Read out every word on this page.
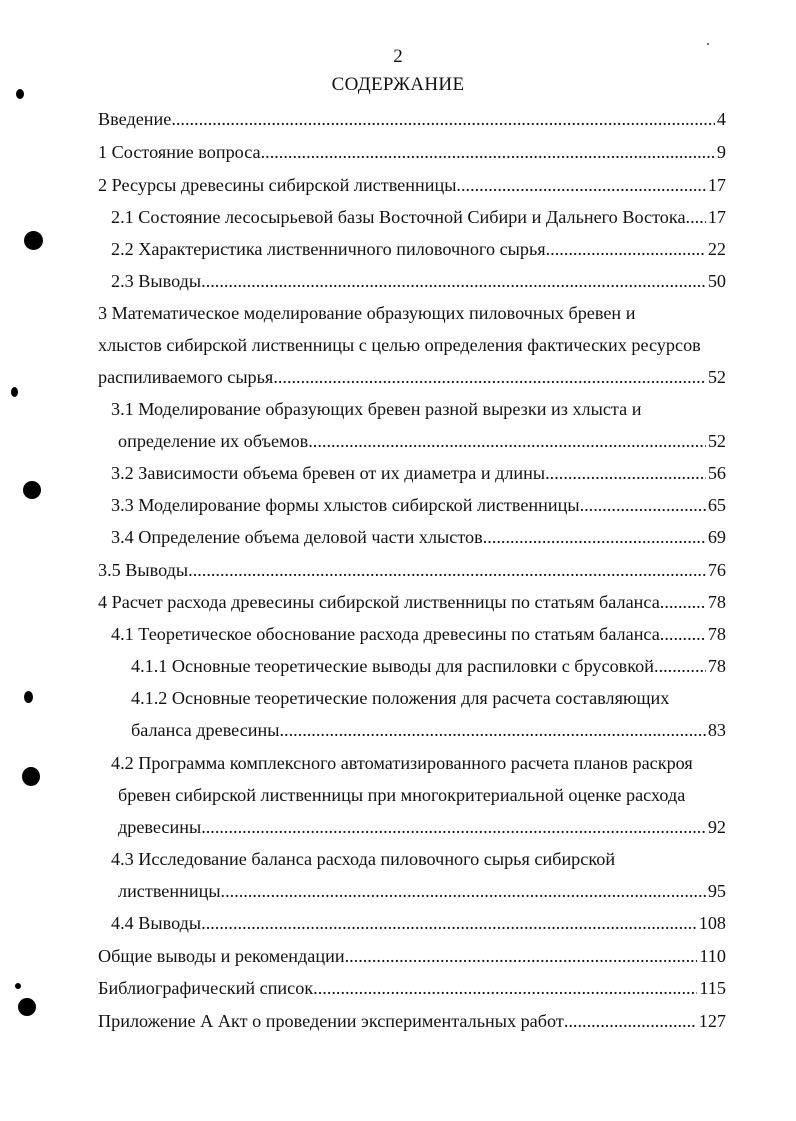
2
СОДЕРЖАНИЕ
Введение .....	4
1 Состояние вопроса .....	9
2 Ресурсы древесины сибирской лиственницы .....	17
2.1 Состояние лесосырьевой базы Восточной Сибири и Дальнего Востока ..... 17
2.2 Характеристика лиственничного пиловочного сырья .....	22
2.3 Выводы .....	50
3 Математическое моделирование образующих пиловочных бревен и
хлыстов сибирской лиственницы с целью определения фактических ресурсов
распиливаемого сырья .....	52
3.1 Моделирование образующих бревен разной вырезки из хлыста и
определение их объемов .....	52
3.2 Зависимости объема бревен от их диаметра и длины .....	56
3.3 Моделирование формы хлыстов сибирской лиственницы .....	65
3.4 Определение объема деловой части хлыстов .....	69
3.5 Выводы .....	76
4 Расчет расхода древесины сибирской лиственницы по статьям баланса .....	78
4.1 Теоретическое обоснование расхода древесины по статьям баланса .....	78
4.1.1 Основные теоретические выводы для распиловки с брусовкой .....	78
4.1.2 Основные теоретические положения для расчета составляющих
баланса древесины .....	83
4.2 Программа комплексного автоматизированного расчета планов раскроя
бревен сибирской лиственницы при многокритериальной оценке расхода
древесины .....	92
4.3 Исследование баланса расхода пиловочного сырья сибирской
лиственницы .....	95
4.4 Выводы .....	108
Общие выводы и рекомендации .....	110
Библиографический список .....	115
Приложение А Акт о проведении экспериментальных работ .....	127
